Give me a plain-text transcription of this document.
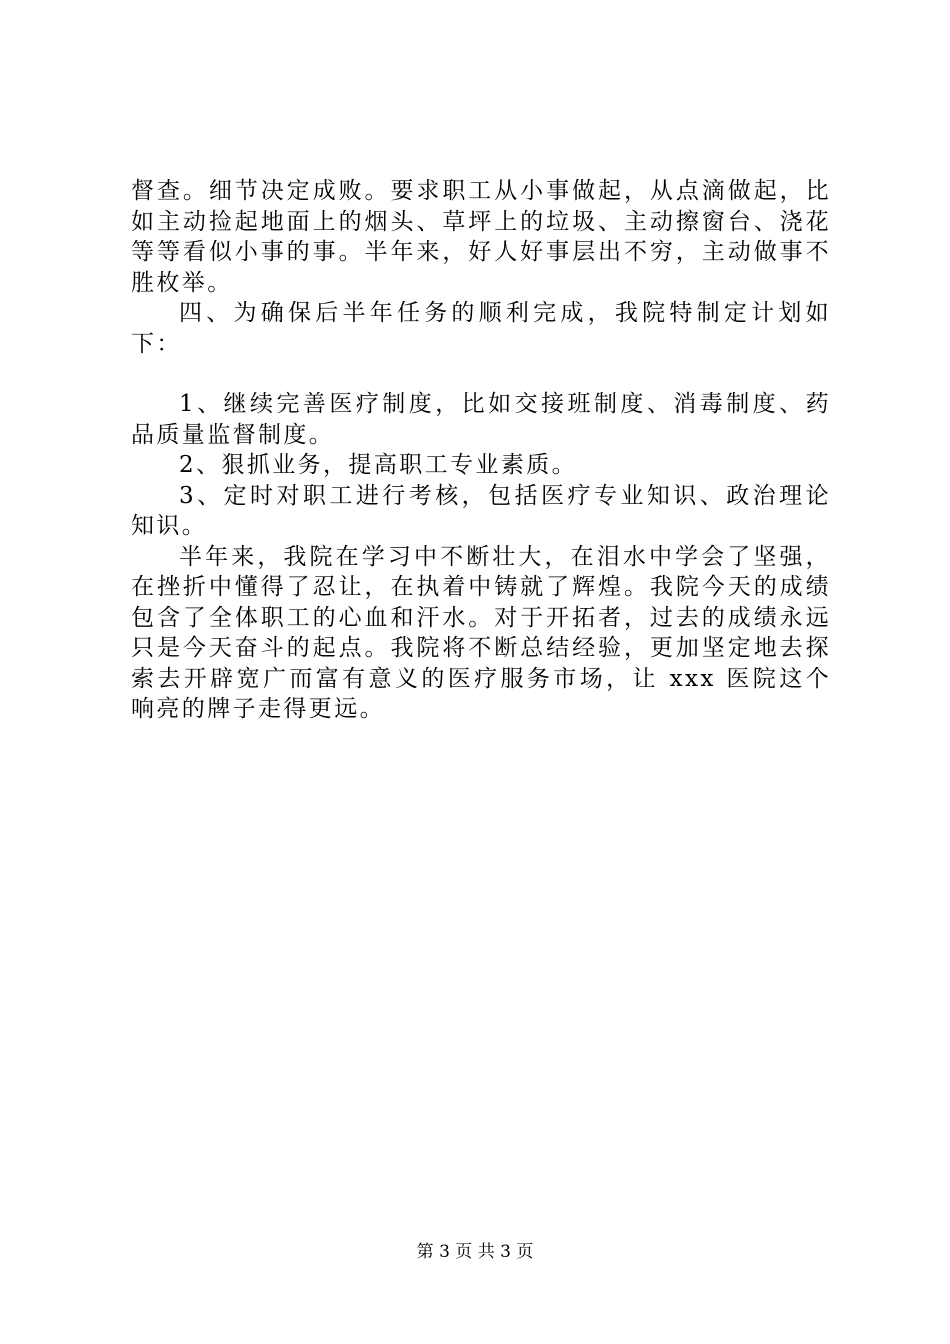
督查。细节决定成败。要求职工从小事做起，从点滴做起，比如主动捡起地面上的烟头、草坪上的垃圾、主动擦窗台、浇花等等看似小事的事。半年来，好人好事层出不穷，主动做事不胜枚举。

四、为确保后半年任务的顺利完成，我院特制定计划如下：

1、继续完善医疗制度，比如交接班制度、消毒制度、药品质量监督制度。

2、狠抓业务，提高职工专业素质。

3、定时对职工进行考核，包括医疗专业知识、政治理论知识。

半年来，我院在学习中不断壮大，在泪水中学会了坚强，在挫折中懂得了忍让，在执着中铸就了辉煌。我院今天的成绩包含了全体职工的心血和汗水。对于开拓者，过去的成绩永远只是今天奋斗的起点。我院将不断总结经验，更加坚定地去探索去开辟宽广而富有意义的医疗服务市场，让 xxx 医院这个响亮的牌子走得更远。

第 3 页 共 3 页
